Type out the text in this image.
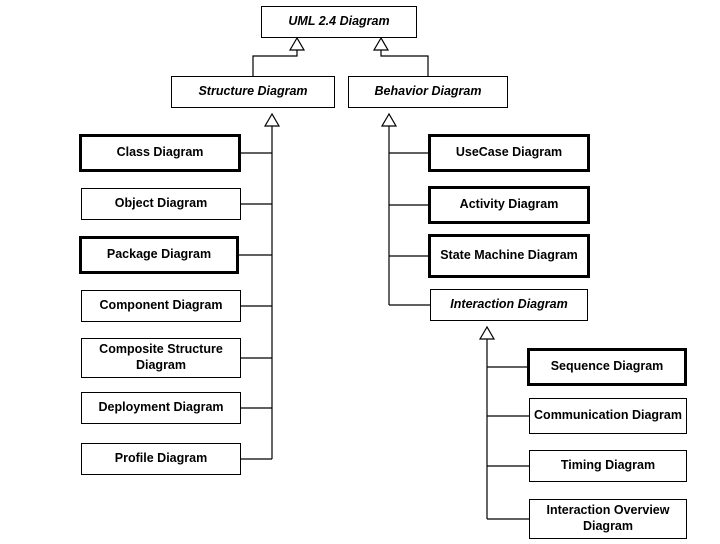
UML 2.4 Diagram
Structure Diagram	Behavior Diagram
Class Diagram
Object Diagram
Package Diagram
Component Diagram
Composite Structure Diagram
Deployment Diagram
Profile Diagram
UseCase Diagram
Activity Diagram
State Machine Diagram
Interaction Diagram
Sequence Diagram
Communication Diagram
Timing Diagram
Interaction Overview Diagram
